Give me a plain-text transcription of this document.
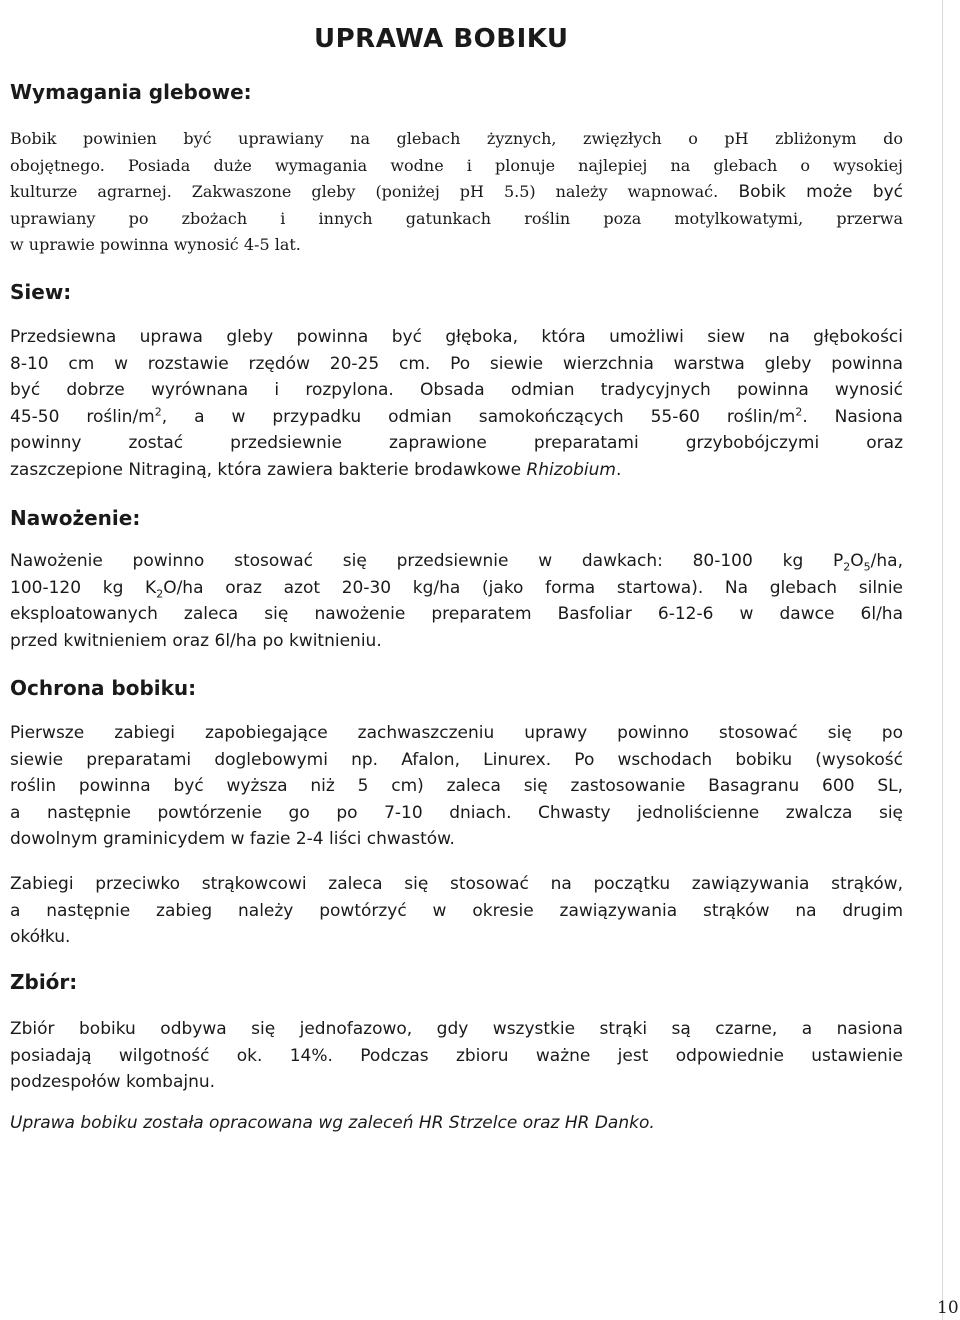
UPRAWA BOBIKU
Wymagania glebowe:

Bobik powinien być uprawiany na glebach żyznych, zwięzłych o pH zbliżonym do
obojętnego. Posiada duże wymagania wodne i plonuje najlepiej na glebach o wysokiej
kulturze agrarnej. Zakwaszone gleby (poniżej pH 5.5) należy wapnować. Bobik może być
uprawiany po zbożach i innych gatunkach roślin poza motylkowatymi, przerwa
w uprawie powinna wynosić 4-5 lat.

Siew:

Przedsiewna uprawa gleby powinna być głęboka, która umożliwi siew na głębokości
8-10 cm w rozstawie rzędów 20-25 cm. Po siewie wierzchnia warstwa gleby powinna
być dobrze wyrównana i rozpylona. Obsada odmian tradycyjnych powinna wynosić
45-50 roślin/$m^2$, a w przypadku odmian samokończących 55-60 roślin/$m^2$. Nasiona
powinny zostać przedsiewnie zaprawione preparatami grzybobójczymi oraz
zaszczepione Nitraginą, która zawiera bakterie brodawkowe Rhizobium.

Nawożenie:

Nawożenie powinno stosować się przedsiewnie w dawkach: 80-100 kg $P_2O_5/ha$,
100-120 kg $K_2O/ha$ oraz azot 20-30 kg/ha (jako forma startowa). Na glebach silnie
eksploatowanych zaleca się nawożenie preparatem Basfoliar 6-12-6 w dawce 6l/ha
przed kwitnieniem oraz 6l/ha po kwitnieniu.

Ochrona bobiku:

Pierwsze zabiegi zapobiegające zachwaszczeniu uprawy powinno stosować się po
siewie preparatami doglebowymi np. Afalon, Linurex. Po wschodach bobiku (wysokość
roślin powinna być wyższa niż 5 cm) zaleca się zastosowanie Basagranu 600 SL,
a następnie powtórzenie go po 7-10 dniach. Chwasty jednoliścienne zwalcza się
dowolnym graminicydem w fazie 2-4 liści chwastów.

Zabiegi przeciwko strąkowcowi zaleca się stosować na początku zawiązywania strąków,
a następnie zabieg należy powtórzyć w okresie zawiązywania strąków na drugim
okółku.

Zbiór:

Zbiór bobiku odbywa się jednofazowo, gdy wszystkie strąki są czarne, a nasiona
posiadają wilgotność ok. 14%. Podczas zbioru ważne jest odpowiednie ustawienie
podzespołów kombajnu.

Uprawa bobiku została opracowana wg zaleceń HR Strzelce oraz HR Danko.

10
